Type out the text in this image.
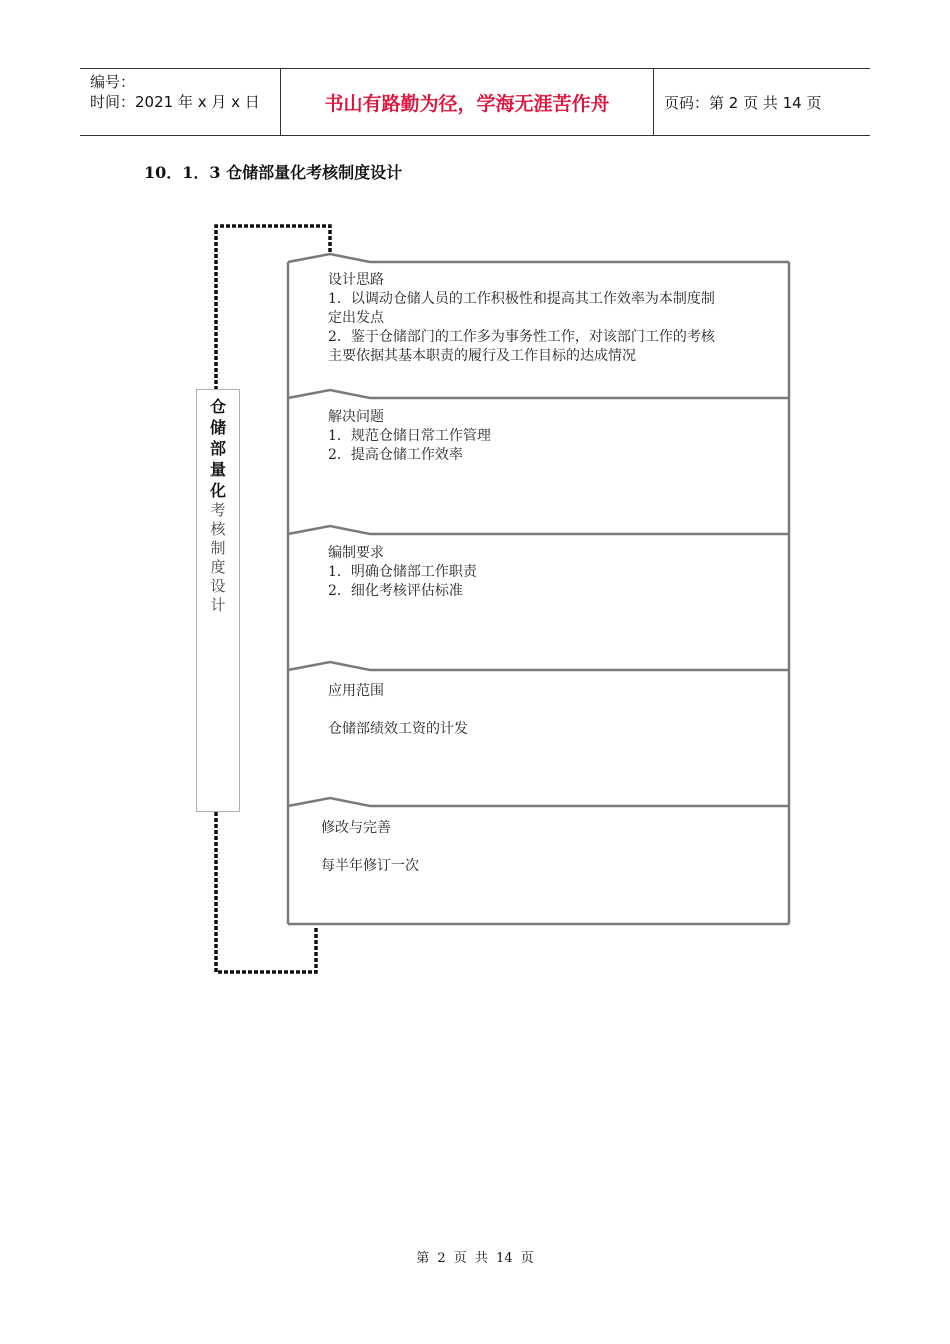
编号：
时间：2021 年 x 月 x 日	书山有路勤为径，学海无涯苦作舟	页码：第 2 页 共 14 页
10．1．3 仓储部量化考核制度设计
仓
储
部
量
化
考
核
制
度
设
计
设计思路
1．以调动仓储人员的工作积极性和提高其工作效率为本制度制
定出发点
2．鉴于仓储部门的工作多为事务性工作，对该部门工作的考核
主要依据其基本职责的履行及工作目标的达成情况
解决问题
1．规范仓储日常工作管理
2．提高仓储工作效率
编制要求
1．明确仓储部工作职责
2．细化考核评估标准
应用范围
仓储部绩效工资的计发
修改与完善
每半年修订一次
第 2 页 共 14 页
